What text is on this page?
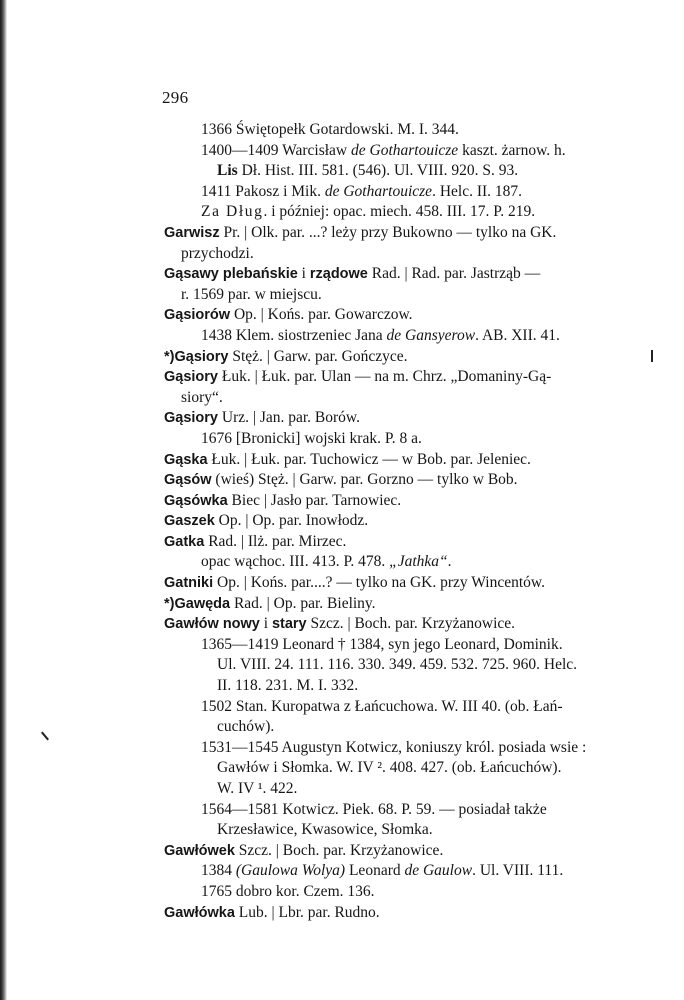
296
1366 Świętopełk Gotardowski. M. I. 344.
1400—1409 Warcisław de Gothartouicze kaszt. żarnow. h.
Lis Dł. Hist. III. 581. (546). Ul. VIII. 920. S. 93.
1411 Pakosz i Mik. de Gothartouicze. Helc. II. 187.
Za Dług. i później: opac. miech. 458. III. 17. P. 219.
Garwisz Pr. | Olk. par. ...? leży przy Bukowno — tylko na GK.
przychodzi.
Gąsawy plebańskie i rządowe Rad. | Rad. par. Jastrząb —
r. 1569 par. w miejscu.
Gąsiorów Op. | Końs. par. Gowarczow.
1438 Klem. siostrzeniec Jana de Gansyerow. AB. XII. 41.
*)Gąsiory Stęż. | Garw. par. Gończyce.
Gąsiory Łuk. | Łuk. par. Ulan — na m. Chrz. „Domaniny-Gą-
siory“.
Gąsiory Urz. | Jan. par. Borów.
1676 [Bronicki] wojski krak. P. 8 a.
Gąska Łuk. | Łuk. par. Tuchowicz — w Bob. par. Jeleniec.
Gąsów (wieś) Stęż. | Garw. par. Gorzno — tylko w Bob.
Gąsówka Biec | Jasło par. Tarnowiec.
Gaszek Op. | Op. par. Inowłodz.
Gatka Rad. | Ilż. par. Mirzec.
opac wąchoc. III. 413. P. 478. „Jathka“.
Gatniki Op. | Końs. par....? — tylko na GK. przy Wincentów.
*)Gawęda Rad. | Op. par. Bieliny.
Gawłów nowy i stary Szcz. | Boch. par. Krzyżanowice.
1365—1419 Leonard † 1384, syn jego Leonard, Dominik.
Ul. VIII. 24. 111. 116. 330. 349. 459. 532. 725. 960. Helc.
II. 118. 231. M. I. 332.
1502 Stan. Kuropatwa z Łańcuchowa. W. III 40. (ob. Łań-
cuchów).
1531—1545 Augustyn Kotwicz, koniuszy król. posiada wsie :
Gawłów i Słomka. W. IV ². 408. 427. (ob. Łańcuchów).
W. IV ¹. 422.
1564—1581 Kotwicz. Piek. 68. P. 59. — posiadał także
Krzesławice, Kwasowice, Słomka.
Gawłówek Szcz. | Boch. par. Krzyżanowice.
1384 (Gaulowa Wolya) Leonard de Gaulow. Ul. VIII. 111.
1765 dobro kor. Czem. 136.
Gawłówka Lub. | Lbr. par. Rudno.
